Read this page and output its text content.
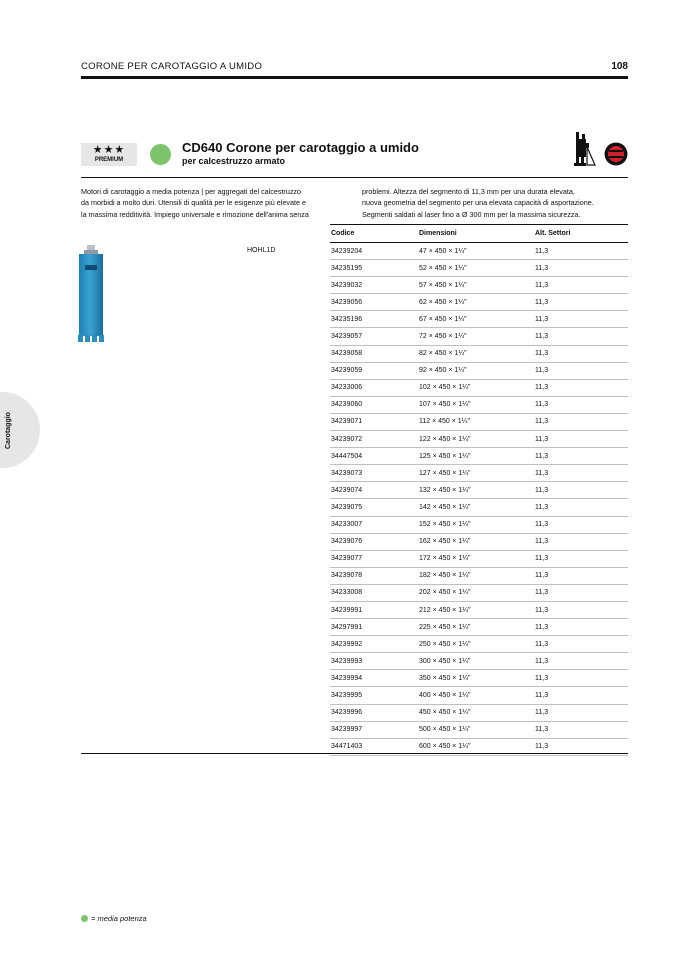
CORONE PER CAROTAGGIO A UMIDO	108
★★★
PREMIUM
CD640 Corone per carotaggio a umido
per calcestruzzo armato
Motori di carotaggio a media potenza | per aggregati del calcestruzzo
da morbidi a molto duri. Utensili di qualità per le esigenze più elevate e
la massima redditività. Impiego universale e rimozione dell'anima senza
problemi. Altezza del segmento di 11,3 mm per una durata elevata,
nuova geometria del segmento per una elevata capacità di asportazione.
Segmenti saldati al laser fino a Ø 300 mm per la massima sicurezza.
HOHL1D
Codice	Dimensioni	Alt. Settori
34239204	47 × 450 × 1¼"	11,3
34235195	52 × 450 × 1¼"	11,3
34239032	57 × 450 × 1¼"	11,3
34239056	62 × 450 × 1¼"	11,3
34235196	67 × 450 × 1¼"	11,3
34239057	72 × 450 × 1¼"	11,3
34239058	82 × 450 × 1¼"	11,3
34239059	92 × 450 × 1¼"	11,3
34233006	102 × 450 × 1¼"	11,3
34239060	107 × 450 × 1¼"	11,3
34239071	112 × 450 × 1¼"	11,3
34239072	122 × 450 × 1¼"	11,3
34447504	125 × 450 × 1¼"	11,3
34239073	127 × 450 × 1¼"	11,3
34239074	132 × 450 × 1¼"	11,3
34239075	142 × 450 × 1¼"	11,3
34233007	152 × 450 × 1¼"	11,3
34239076	162 × 450 × 1¼"	11,3
34239077	172 × 450 × 1¼"	11,3
34239078	182 × 450 × 1¼"	11,3
34233008	202 × 450 × 1¼"	11,3
34239991	212 × 450 × 1¼"	11,3
34297991	225 × 450 × 1¼"	11,3
34239992	250 × 450 × 1¼"	11,3
34239993	300 × 450 × 1¼"	11,3
34239994	350 × 450 × 1¼"	11,3
34239995	400 × 450 × 1¼"	11,3
34239996	450 × 450 × 1¼"	11,3
34239997	500 × 450 × 1¼"	11,3
34471403	600 × 450 × 1¼"	11,3
Carotaggio
= media potenza
